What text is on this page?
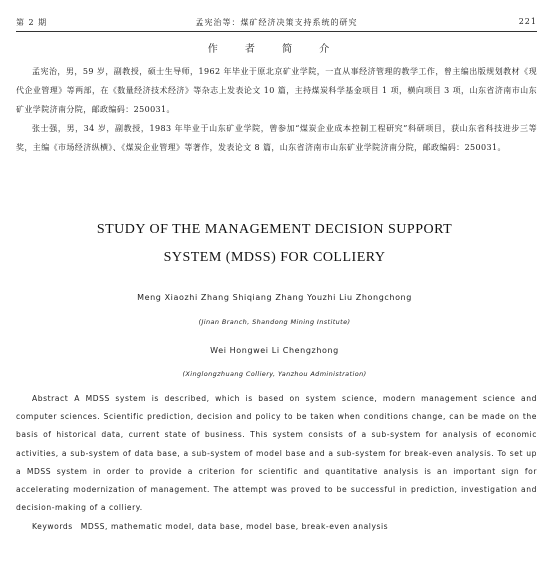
第 2 期	孟宪治等：煤矿经济决策支持系统的研究	221
作 者 简 介
孟宪治，男，59 岁，副教授，硕士生导师，1962 年毕业于原北京矿业学院，一直从事经济管理的教学工作，曾主编出版规划教材《现代企业管理》等两部，在《数量经济技术经济》等杂志上发表论文 10 篇，主持煤炭科学基金项目 1 项，横向项目 3 项，山东省济南市山东矿业学院济南分院，邮政编码：250031。
张士强，男，34 岁，副教授，1983 年毕业于山东矿业学院，曾参加“煤炭企业成本控制工程研究”科研项目，获山东省科技进步三等奖，主编《市场经济纵横》、《煤炭企业管理》等著作，发表论文 8 篇，山东省济南市山东矿业学院济南分院，邮政编码：250031。
STUDY OF THE MANAGEMENT DECISION SUPPORT
SYSTEM (MDSS) FOR COLLIERY
Meng Xiaozhi Zhang Shiqiang Zhang Youzhi Liu Zhongchong
(Jinan Branch, Shandong Mining Institute)
Wei Hongwei Li Chengzhong
(Xinglongzhuang Colliery, Yanzhou Administration)
Abstract A MDSS system is described, which is based on system science, modern management science and computer sciences. Scientific prediction, decision and policy to be taken when conditions change, can be made on the basis of historical data, current state of business. This system consists of a sub-system for analysis of economic activities, a sub-system of data base, a sub-system of model base and a sub-system for break-even analysis. To set up a MDSS system in order to provide a criterion for scientific and quantitative analysis is an important sign for accelerating modernization of management. The attempt was proved to be successful in prediction, investigation and decision-making of a colliery.
Keywords MDSS, mathematic model, data base, model base, break-even analysis
